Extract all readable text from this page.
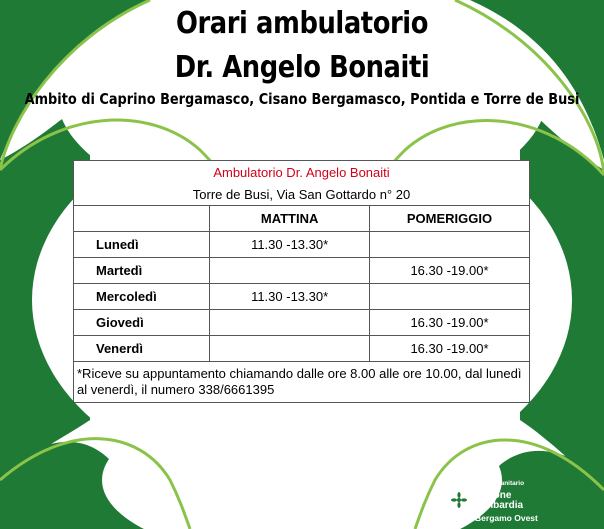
Orari ambulatorio
Dr. Angelo Bonaiti
Ambito di Caprino Bergamasco, Cisano Bergamasco, Pontida e Torre de Busi
Ambulatorio Dr. Angelo Bonaiti		
Torre de Busi, Via San Gottardo n° 20		
	MATTINA	POMERIGGIO
Lunedì	11.30 -13.30*	
Martedì		16.30 -19.00*
Mercoledì	11.30 -13.30*	
Giovedì		16.30 -19.00*
Venerdì		16.30 -19.00*
*Riceve su appuntamento chiamando dalle ore 8.00 alle ore 10.00, dal lunedì al venerdì, il numero 338/6661395		
Sistema Socio Sanitario
Regione
Lombardia
ASST Bergamo Ovest
